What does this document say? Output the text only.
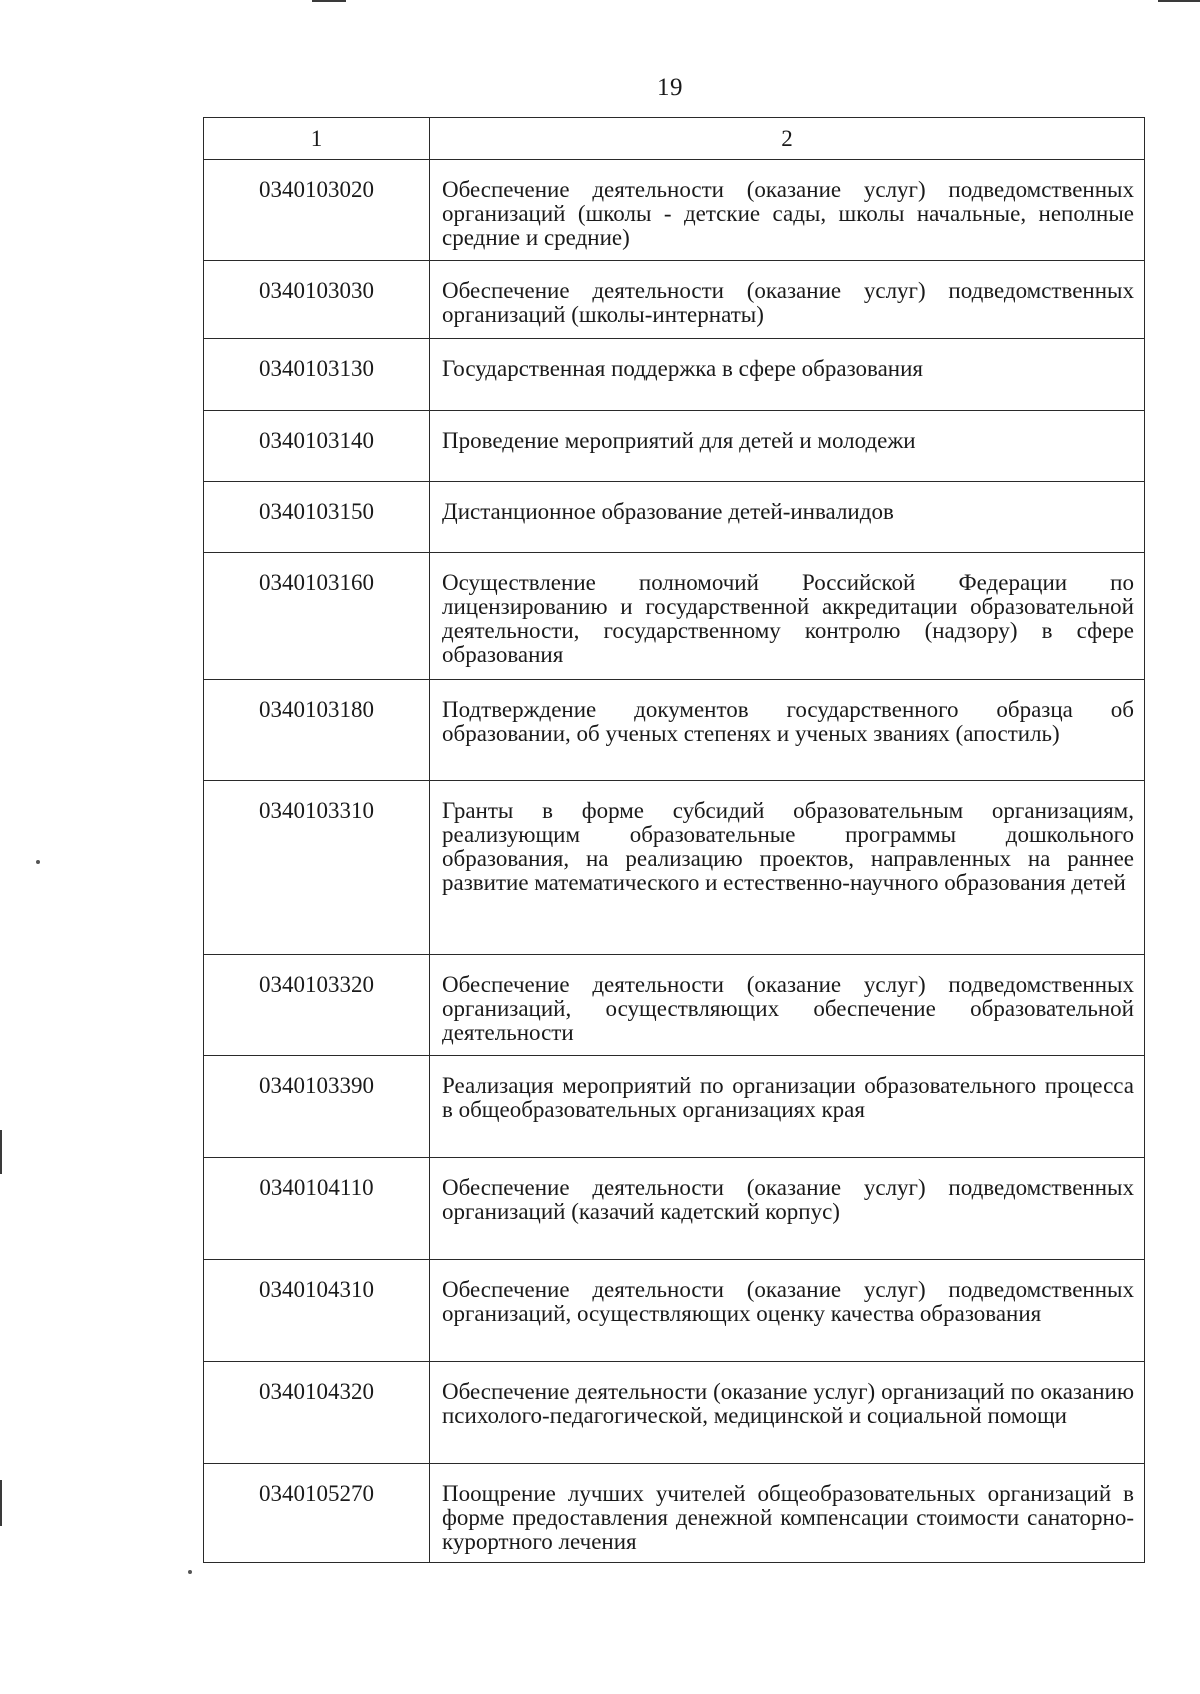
19
1	2
0340103020	Обеспечение деятельности (оказание услуг) подведомственных организаций (школы - детские сады, школы начальные, неполные средние и средние)
0340103030	Обеспечение деятельности (оказание услуг) подведомственных организаций (школы-интернаты)
0340103130	Государственная поддержка в сфере образования
0340103140	Проведение мероприятий для детей и молодежи
0340103150	Дистанционное образование детей-инвалидов
0340103160	Осуществление полномочий Российской Федерации по лицензированию и государственной аккредитации образовательной деятельности, государственному контролю (надзору) в сфере образования
0340103180	Подтверждение документов государственного образца об образовании, об ученых степенях и ученых званиях (апостиль)
0340103310	Гранты в форме субсидий образовательным организациям, реализующим образовательные программы дошкольного образования, на реализацию проектов, направленных на раннее развитие математического и естественно-научного образования детей
0340103320	Обеспечение деятельности (оказание услуг) подведомственных организаций, осуществляющих обеспечение образовательной деятельности
0340103390	Реализация мероприятий по организации образовательного процесса в общеобразовательных организациях края
0340104110	Обеспечение деятельности (оказание услуг) подведомственных организаций (казачий кадетский корпус)
0340104310	Обеспечение деятельности (оказание услуг) подведомственных организаций, осуществляющих оценку качества образования
0340104320	Обеспечение деятельности (оказание услуг) организаций по оказанию психолого-педагогической, медицинской и социальной помощи
0340105270	Поощрение лучших учителей общеобразовательных организаций в форме предоставления денежной компенсации стоимости санаторно-курортного лечения
